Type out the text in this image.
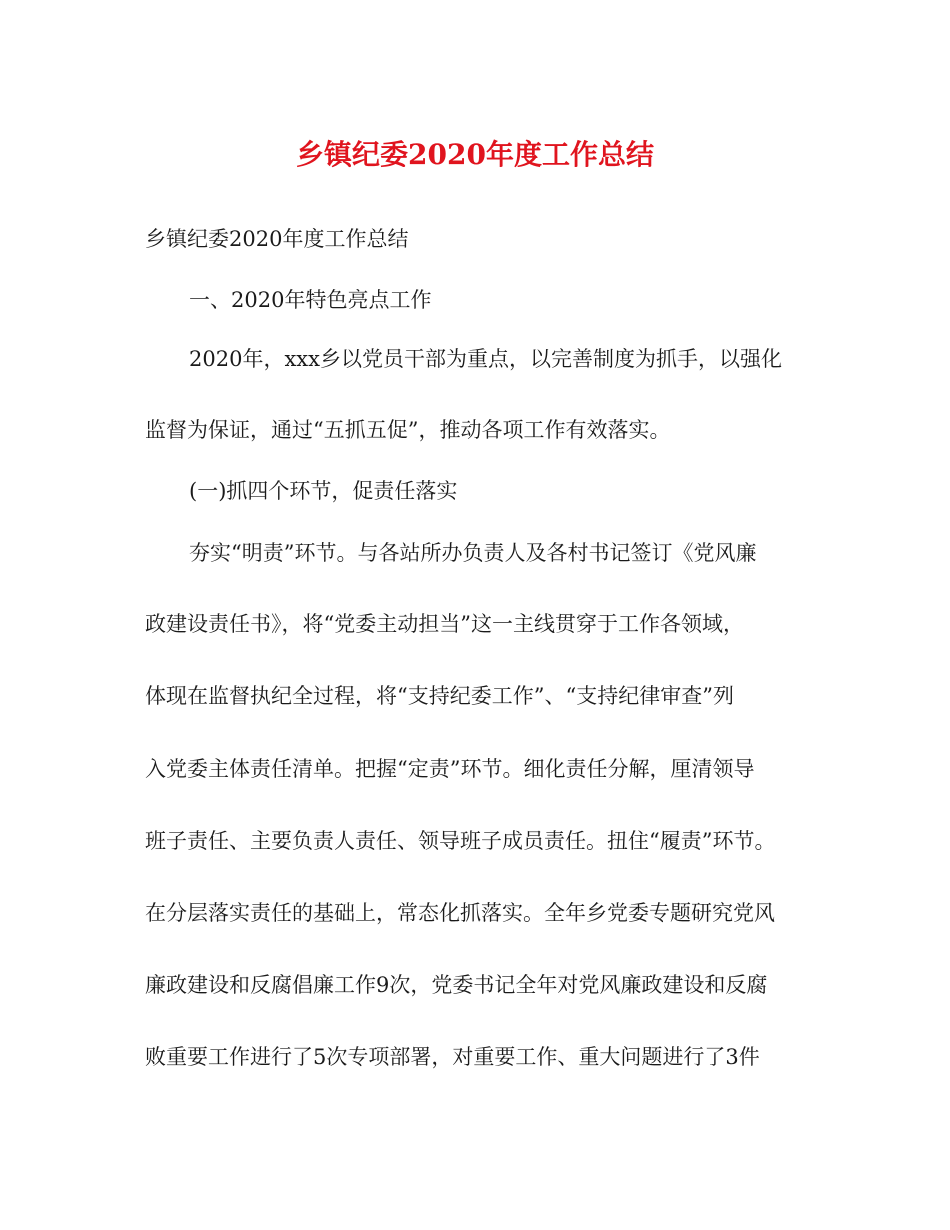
乡镇纪委2020年度工作总结
乡镇纪委2020年度工作总结
一、2020年特色亮点工作
2020年，xxx乡以党员干部为重点，以完善制度为抓手，以强化
监督为保证，通过“五抓五促”，推动各项工作有效落实。
(一)抓四个环节，促责任落实
夯实“明责”环节。与各站所办负责人及各村书记签订《党风廉
政建设责任书》，将“党委主动担当”这一主线贯穿于工作各领域，
体现在监督执纪全过程，将“支持纪委工作”、“支持纪律审查”列
入党委主体责任清单。把握“定责”环节。细化责任分解，厘清领导
班子责任、主要负责人责任、领导班子成员责任。扭住“履责”环节。
在分层落实责任的基础上，常态化抓落实。全年乡党委专题研究党风
廉政建设和反腐倡廉工作9次，党委书记全年对党风廉政建设和反腐
败重要工作进行了5次专项部署，对重要工作、重大问题进行了3件
